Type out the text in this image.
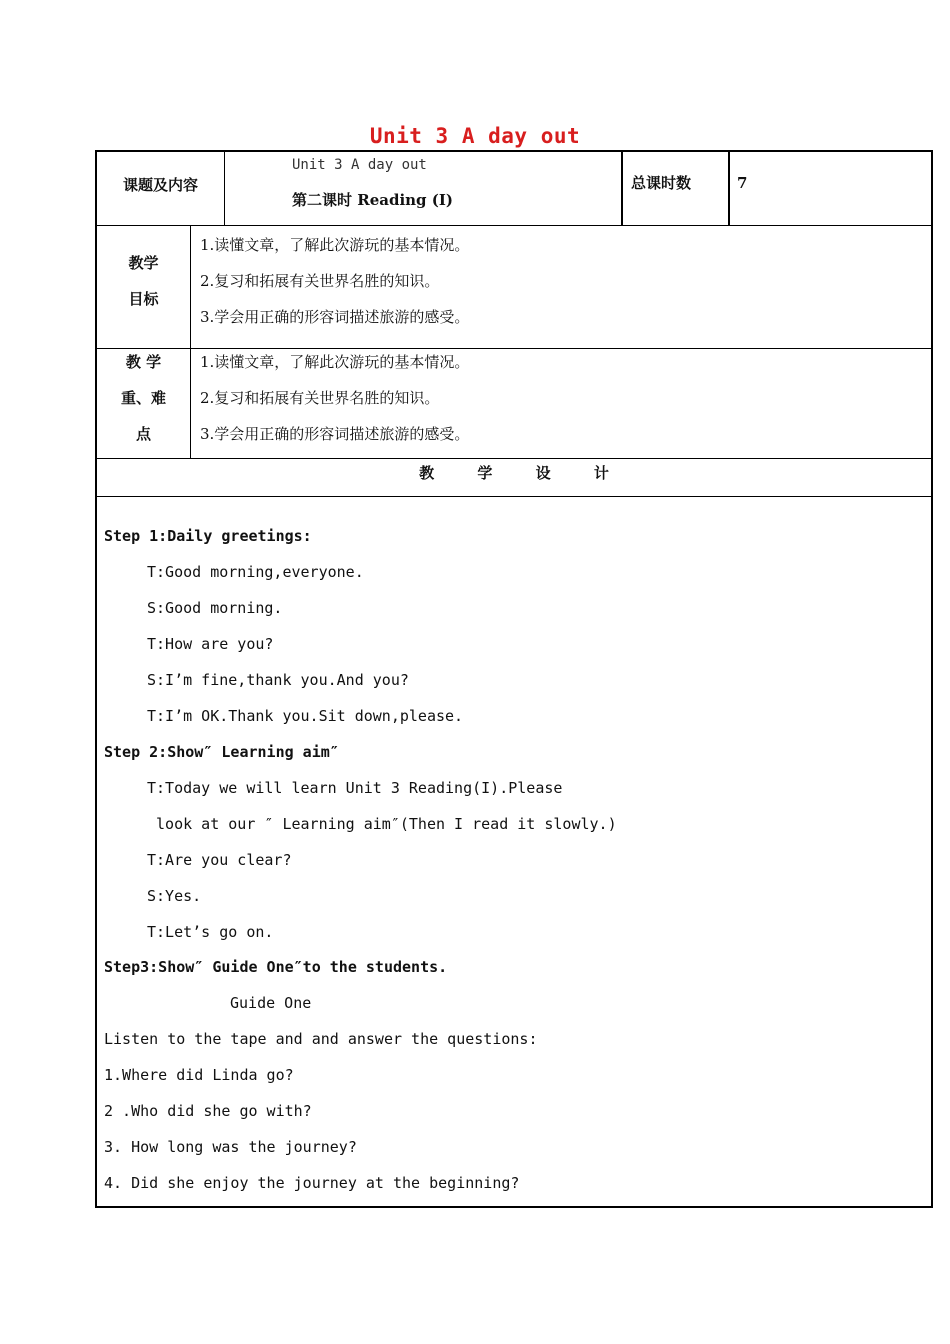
Unit 3 A day out
课题及内容
Unit 3 A day out
第二课时 Reading (I)
总课时数	7
教学
目标
1.读懂文章，了解此次游玩的基本情况。
2.复习和拓展有关世界名胜的知识。
3.学会用正确的形容词描述旅游的感受。
教 学
重、难
点
1.读懂文章，了解此次游玩的基本情况。
2.复习和拓展有关世界名胜的知识。
3.学会用正确的形容词描述旅游的感受。
教 学 设 计
Step 1:Daily greetings:
T:Good morning,everyone.
S:Good morning.
T:How are you?
S:I’m fine,thank you.And you?
T:I’m OK.Thank you.Sit down,please.
Step 2:Show″ Learning aim″
T:Today we will learn Unit 3 Reading(I).Please
look at our ″ Learning aim″(Then I read it slowly.)
T:Are you clear?
S:Yes.
T:Let’s go on.
Step3:Show″ Guide One″to the students.
Guide One
Listen to the tape and and answer the questions:
1.Where did Linda go?
2 .Who did she go with?
3. How long was the journey?
4. Did she enjoy the journey at the beginning?
